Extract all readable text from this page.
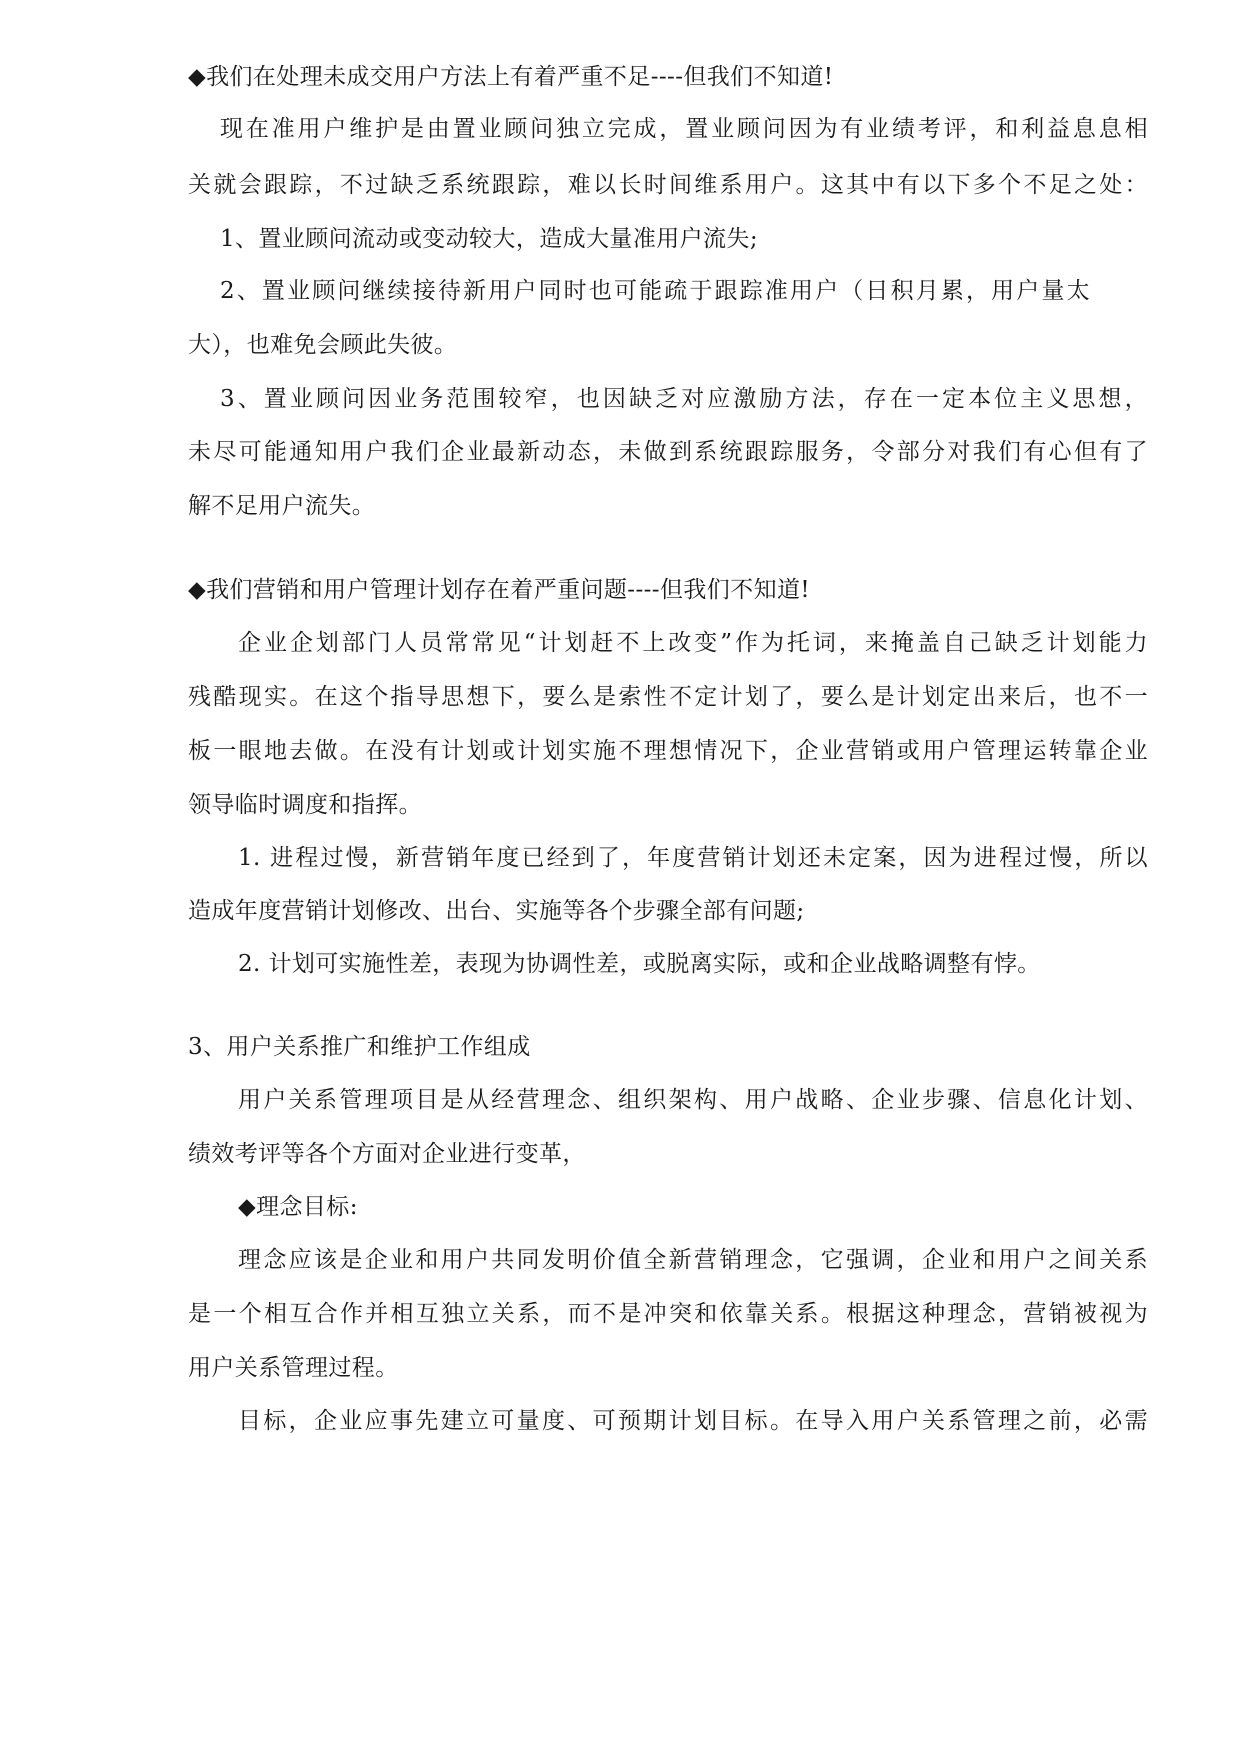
◆我们在处理未成交用户方法上有着严重不足----但我们不知道!
现在准用户维护是由置业顾问独立完成，置业顾问因为有业绩考评，和利益息息相
关就会跟踪，不过缺乏系统跟踪，难以长时间维系用户。这其中有以下多个不足之处：
1、置业顾问流动或变动较大，造成大量准用户流失;
2、置业顾问继续接待新用户同时也可能疏于跟踪准用户（日积月累，用户量太
大），也难免会顾此失彼。
3、置业顾问因业务范围较窄，也因缺乏对应激励方法，存在一定本位主义思想，
未尽可能通知用户我们企业最新动态，未做到系统跟踪服务，令部分对我们有心但有了
解不足用户流失。
◆我们营销和用户管理计划存在着严重问题----但我们不知道!
企业企划部门人员常常见“计划赶不上改变”作为托词，来掩盖自己缺乏计划能力
残酷现实。在这个指导思想下，要么是索性不定计划了，要么是计划定出来后，也不一
板一眼地去做。在没有计划或计划实施不理想情况下，企业营销或用户管理运转靠企业
领导临时调度和指挥。
1. 进程过慢，新营销年度已经到了，年度营销计划还未定案，因为进程过慢，所以
造成年度营销计划修改、出台、实施等各个步骤全部有问题;
2. 计划可实施性差，表现为协调性差，或脱离实际，或和企业战略调整有悖。
3、用户关系推广和维护工作组成
用户关系管理项目是从经营理念、组织架构、用户战略、企业步骤、信息化计划、
绩效考评等各个方面对企业进行变革，
◆理念目标:
理念应该是企业和用户共同发明价值全新营销理念，它强调，企业和用户之间关系
是一个相互合作并相互独立关系，而不是冲突和依靠关系。根据这种理念，营销被视为
用户关系管理过程。
目标，企业应事先建立可量度、可预期计划目标。在导入用户关系管理之前，必需
